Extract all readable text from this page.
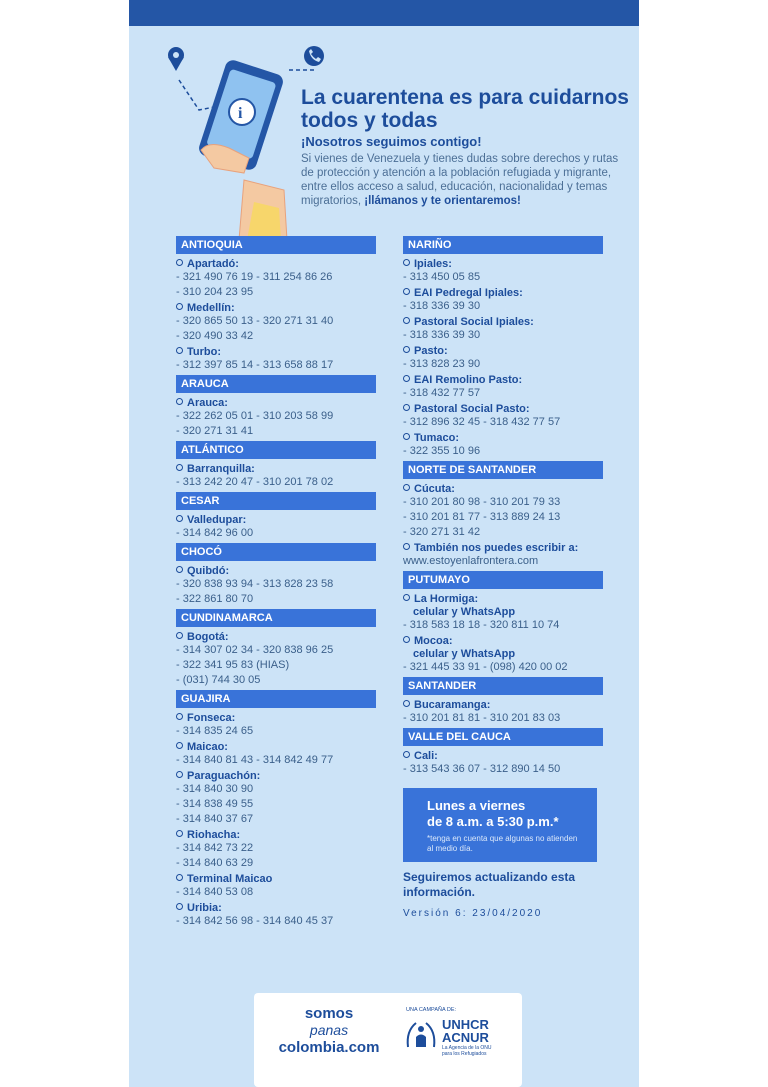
i
La cuarentena es para cuidarnos todos y todas
¡Nosotros seguimos contigo!
Si vienes de Venezuela y tienes dudas sobre derechos y rutas de protección y atención a la población refugiada y migrante, entre ellos acceso a salud, educación, nacionalidad y temas migratorios, ¡llámanos y te orientaremos!
ANTIOQUIA
Apartadó:
- 321 490 76 19 - 311 254 86 26
- 310 204 23 95
Medellín:
- 320 865 50 13 - 320 271 31 40
- 320 490 33 42
Turbo:
- 312 397 85 14 - 313 658 88 17
ARAUCA
Arauca:
- 322 262 05 01 - 310 203 58 99
- 320 271 31 41
ATLÁNTICO
Barranquilla:
- 313 242 20 47 - 310 201 78 02
CESAR
Valledupar:
- 314 842 96 00
CHOCÓ
Quibdó:
- 320 838 93 94 - 313 828 23 58
- 322 861 80 70
CUNDINAMARCA
Bogotá:
- 314 307 02 34 - 320 838 96 25
- 322 341 95 83 (HIAS)
- (031) 744 30 05
GUAJIRA
Fonseca:
- 314 835 24 65
Maicao:
- 314 840 81 43 - 314 842 49 77
Paraguachón:
- 314 840 30 90
- 314 838 49 55
- 314 840 37 67
Riohacha:
- 314 842 73 22
- 314 840 63 29
Terminal Maicao
- 314 840 53 08
Uribia:
- 314 842 56 98 - 314 840 45 37
NARIÑO
Ipiales:
- 313 450 05 85
EAI Pedregal Ipiales:
- 318 336 39 30
Pastoral Social Ipiales:
- 318 336 39 30
Pasto:
- 313 828 23 90
EAI Remolino Pasto:
- 318 432 77 57
Pastoral Social Pasto:
- 312 896 32 45 - 318 432 77 57
Tumaco:
- 322 355 10 96
NORTE DE SANTANDER
Cúcuta:
- 310 201 80 98 - 310 201 79 33
- 310 201 81 77 - 313 889 24 13
- 320 271 31 42
También nos puedes escribir a:
www.estoyenlafrontera.com
PUTUMAYO
La Hormiga:
celular y WhatsApp
- 318 583 18 18 - 320 811 10 74
Mocoa:
celular y WhatsApp
- 321 445 33 91 - (098) 420 00 02
SANTANDER
Bucaramanga:
- 310 201 81 81 - 310 201 83 03
VALLE DEL CAUCA
Cali:
- 313 543 36 07 - 312 890 14 50
Lunes a viernes
de 8 a.m. a 5:30 p.m.*
*tenga en cuenta que algunas no atienden al medio día.
Seguiremos actualizando esta información.
Versión 6: 23/04/2020
somos
panas
colombia.com
UNA CAMPAÑA DE:
UNHCR
ACNUR
La Agencia de la ONU para los Refugiados
